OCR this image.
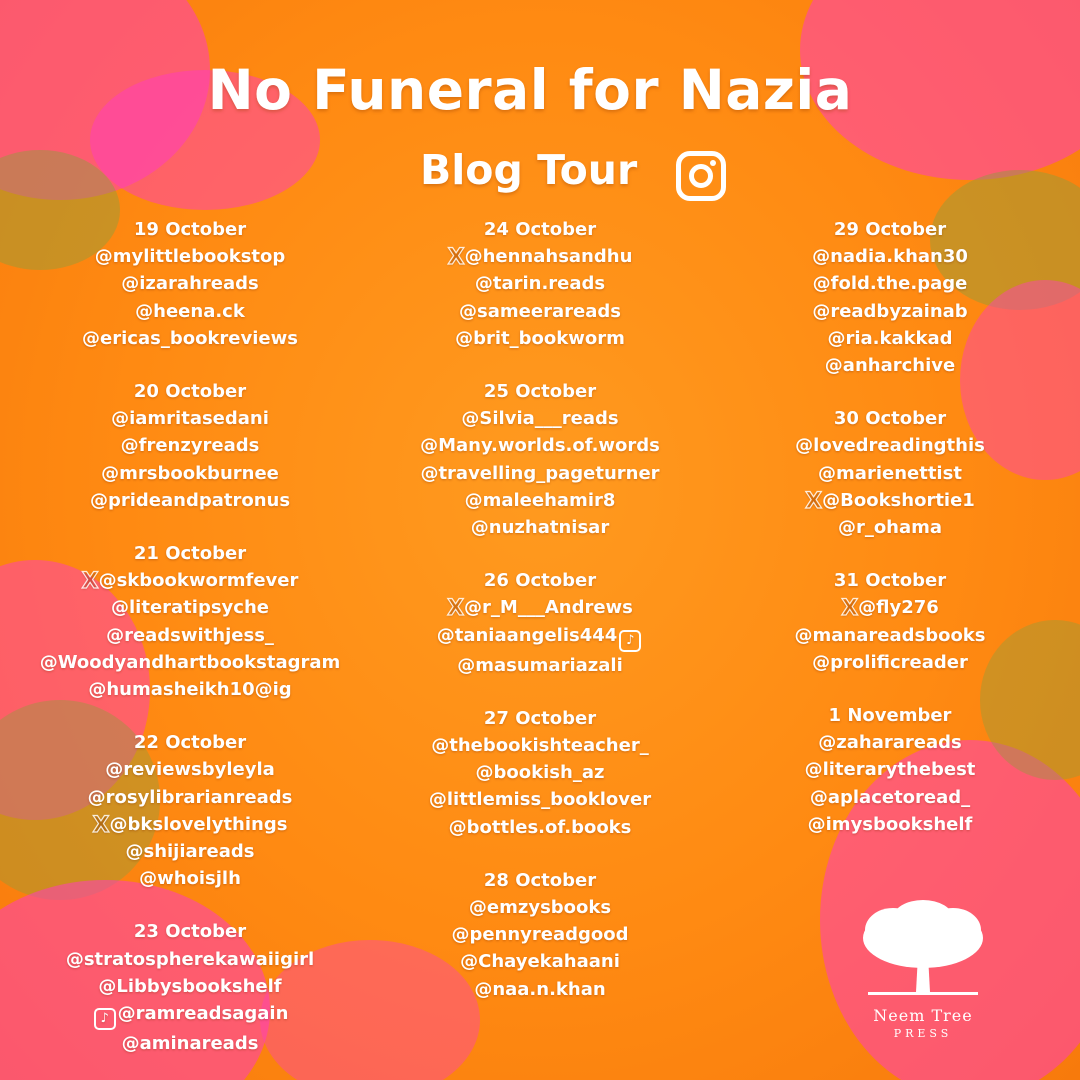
No Funeral for Nazia
Blog Tour
19 October
@mylittlebookstop
@izarahreads
@heena.ck
@ericas_bookreviews
20 October
@iamritasedani
@frenzyreads
@mrsbookburnee
@prideandpatronus
21 October
X@skbookwormfever
@literatipsyche
@readswithjess_
@Woodyandhartbookstagram
@humasheikh10@ig
22 October
@reviewsbyleyla
@rosylibrarianreads
X@bkslovelythings
@shijiareads
@whoisjlh
23 October
@stratospherekawaiigirl
@Libbysbookshelf
♪ @ramreadsagain
@aminareads
24 October
X@hennahsandhu
@tarin.reads
@sameerareads
@brit_bookworm
25 October
@Silvia___reads
@Many.worlds.of.words
@travelling_pageturner
@maleehamir8
@nuzhatnisar
26 October
X@r_M___Andrews
@taniaangelis444 ♪
@masumariazali
27 October
@thebookishteacher_
@bookish_az
@littlemiss_booklover
@bottles.of.books
28 October
@emzysbooks
@pennyreadgood
@Chayekahaani
@naa.n.khan
29 October
@nadia.khan30
@fold.the.page
@readbyzainab
@ria.kakkad
@anharchive
30 October
@lovedreadingthis
@marienettist
X@Bookshortie1
@r_ohama
31 October
X@fly276
@manareadsbooks
@prolificreader
1 November
@zaharareads
@literarythebest
@aplacetoread_
@imysbookshelf
Neem Tree
PRESS
